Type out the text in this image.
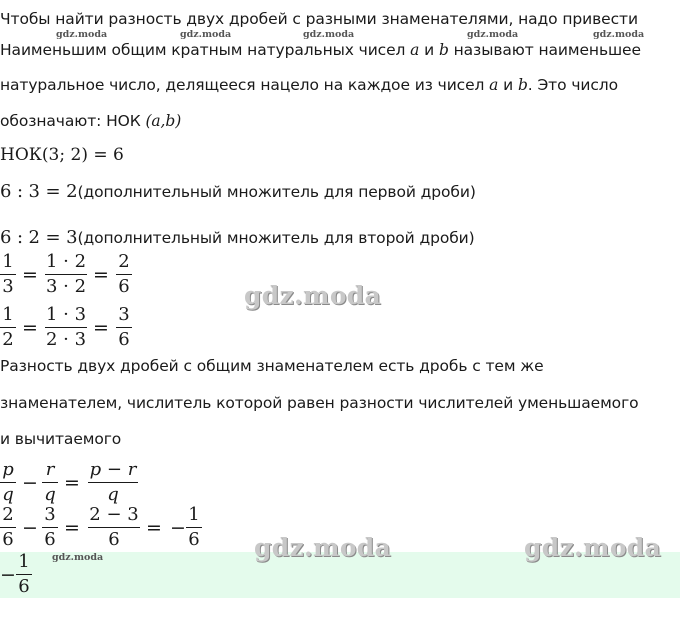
gdz.moda	gdz.moda	gdz.moda	gdz.moda	gdz.moda
Чтобы найти разность двух дробей с разными знаменателями, надо привести
Наименьшим общим кратным натуральных чисел a и b называют наименьшее
натуральное число, делящееся нацело на каждое из чисел a и b. Это число
обозначают: НОК (a,b)
НОК(3; 2) = 6
6 : 3 = 2(дополнительный множитель для первой дроби)
6 : 2 = 3(дополнительный множитель для второй дроби)
1
3
=
1 · 2
3 · 2
=
2
6
1
2
=
1 · 3
2 · 3
=
3
6
gdz.moda
Разность двух дробей с общим знаменателем есть дробь с тем же
знаменателем, числитель которой равен разности числителей уменьшаемого
и вычитаемого
p
q
−
r
q
=
p − r
q
2
6
−
3
6
=
2 − 3
6
= −
1
6 gdz.moda	gdz.moda
−
1
6
gdz.moda
